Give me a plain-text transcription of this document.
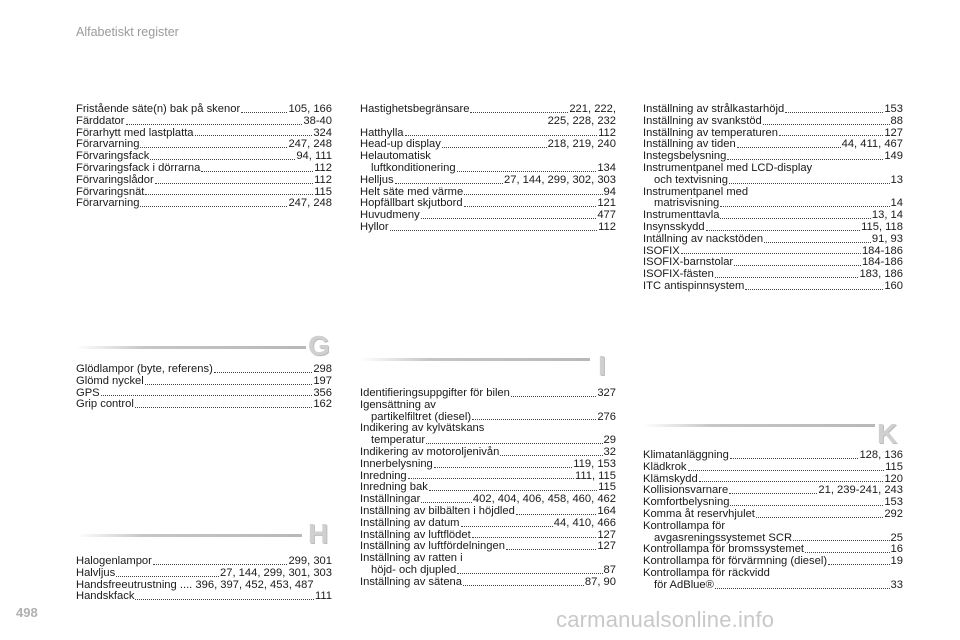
Alfabetiskt register
Fristående säte(n) bak på skenor	105, 166
Färddator	38-40
Förarhytt med lastplatta	324
Förarvarning	247, 248
Förvaringsfack	94, 111
Förvaringsfack i dörrarna	112
Förvaringslådor	112
Förvaringsnät	115
Förarvarning	247, 248
G
Glödlampor (byte, referens)	298
Glömd nyckel	197
GPS	356
Grip control	162
H
Halogenlampor	299, 301
Halvljus	27, 144, 299, 301, 303
Handsfreeutrustning .... 396, 397, 452, 453, 487
Handskfack	111
Hastighetsbegränsare	221, 222,
225, 228, 232
Hatthylla	112
Head-up display	218, 219, 240
Helautomatisk
luftkonditionering	134
Helljus	27, 144, 299, 302, 303
Helt säte med värme	94
Hopfällbart skjutbord	121
Huvudmeny	477
Hyllor	112
I
Identifieringsuppgifter för bilen	327
Igensättning av
partikelfiltret (diesel)	276
Indikering av kylvätskans
temperatur	29
Indikering av motoroljenivån	32
Innerbelysning	119, 153
Inredning	111, 115
Inredning bak	115
Inställningar	402, 404, 406, 458, 460, 462
Inställning av bilbälten i höjdled	164
Inställning av datum	44, 410, 466
Inställning av luftflödet	127
Inställning av luftfördelningen	127
Inställning av ratten i
höjd- och djupled	87
Inställning av sätena	87, 90
Inställning av strålkastarhöjd	153
Inställning av svankstöd	88
Inställning av temperaturen	127
Inställning av tiden	44, 411, 467
Instegsbelysning	149
Instrumentpanel med LCD-display
och textvisning	13
Instrumentpanel med
matrisvisning	14
Instrumenttavla	13, 14
Insynsskydd	115, 118
Intällning av nackstöden	91, 93
ISOFIX	184-186
ISOFIX-barnstolar	184-186
ISOFIX-fästen	183, 186
ITC antispinnsystem	160
K
Klimatanläggning	128, 136
Klädkrok	115
Klämskydd	120
Kollisionsvarnare	21, 239-241, 243
Komfortbelysning	153
Komma åt reservhjulet	292
Kontrollampa för
avgasreningssystemet SCR	25
Kontrollampa för bromssystemet	16
Kontrollampa för förvärmning (diesel)	19
Kontrollampa för räckvidd
för AdBlue®	33
498	carmanualsonline.info
